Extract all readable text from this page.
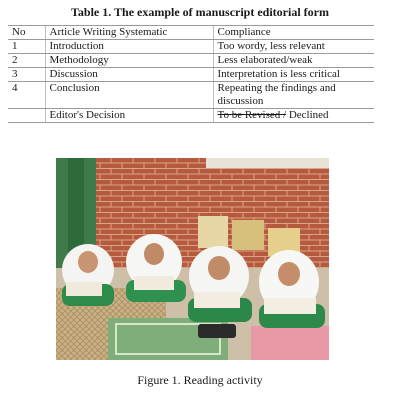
Table 1. The example of manuscript editorial form
No	Article Writing Systematic	Compliance
1	Introduction	Too wordy, less relevant
2	Methodology	Less elaborated/weak
3	Discussion	Interpretation is less critical
4	Conclusion	Repeating the findings and discussion
	Editor's Decision	To be Revised / Declined
Figure 1. Reading activity
